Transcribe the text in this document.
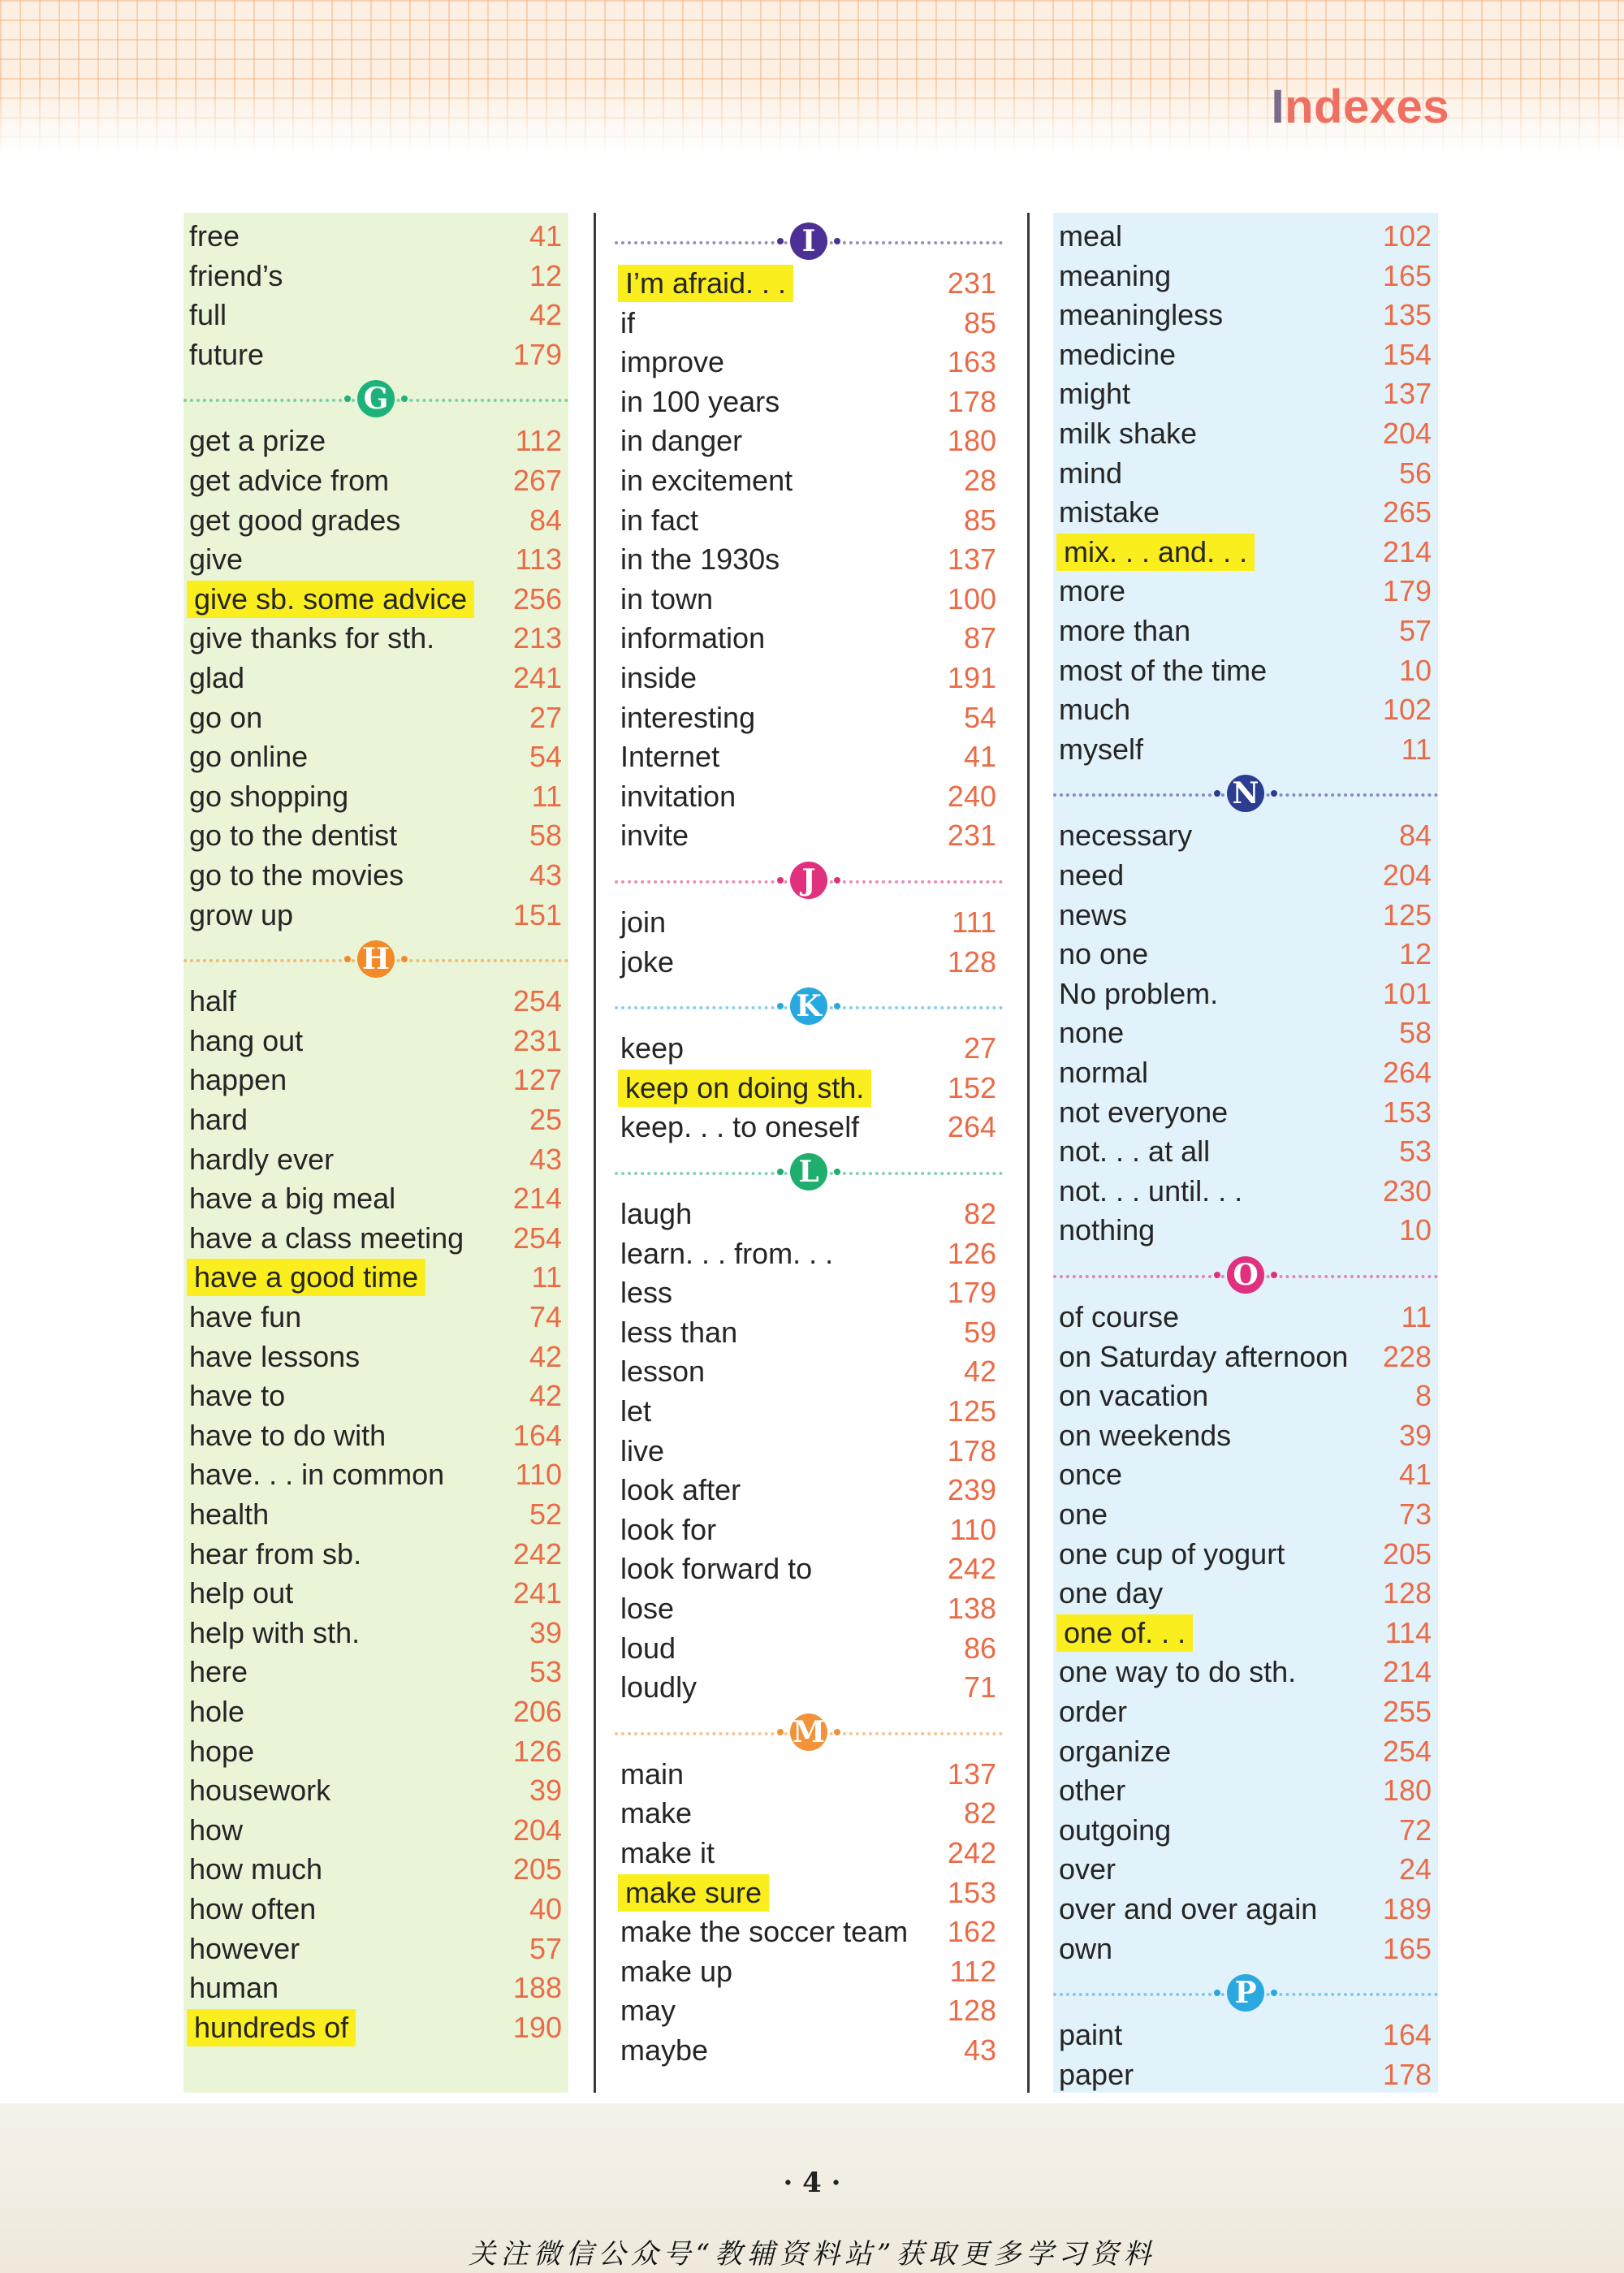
Indexes
free	41
friend’s	12
full	42
future	179
G
get a prize	112
get advice from	267
get good grades	84
give	113
give sb. some advice 256
give thanks for sth.	213
glad	241
go on	27
go online	54
go shopping	11
go to the dentist	58
go to the movies	43
grow up	151
H
half	254
hang out	231
happen	127
hard	25
hardly ever	43
have a big meal	214
have a class meeting 254
have a good time	11
have fun	74
have lessons	42
have to	42
have to do with	164
have. . . in common 110
health	52
hear from sb.	242
help out	241
help with sth.	39
here	53
hole	206
hope	126
housework	39
how	204
how much	205
how often	40
however	57
human	188
hundreds of	190
I
I’m afraid. . .	231
if	85
improve	163
in 100 years	178
in danger	180
in excitement	28
in fact	85
in the 1930s	137
in town	100
information	87
inside	191
interesting	54
Internet	41
invitation	240
invite	231
J
join	111
joke	128
K
keep	27
keep on doing sth.	152
keep. . . to oneself	264
L
laugh	82
learn. . . from. . .	126
less	179
less than	59
lesson	42
let	125
live	178
look after	239
look for	110
look forward to	242
lose	138
loud	86
loudly	71
M
main	137
make	82
make it	242
make sure	153
make the soccer team 162
make up	112
may	128
maybe	43
meal	102
meaning	165
meaningless	135
medicine	154
might	137
milk shake	204
mind	56
mistake	265
mix. . . and. . .	214
more	179
more than	57
most of the time	10
much	102
myself	11
N
necessary	84
need	204
news	125
no one	12
No problem.	101
none	58
normal	264
not everyone	153
not. . . at all	53
not. . . until. . .	230
nothing	10
O
of course	11
on Saturday afternoon 228
on vacation	8
on weekends	39
once	41
one	73
one cup of yogurt	205
one day	128
one of. . .	114
one way to do sth.	214
order	255
organize	254
other	180
outgoing	72
over	24
over and over again 189
own	165
P
paint	164
paper	178
· 4 ·
关注微信公众号“教辅资料站”获取更多学习资料
